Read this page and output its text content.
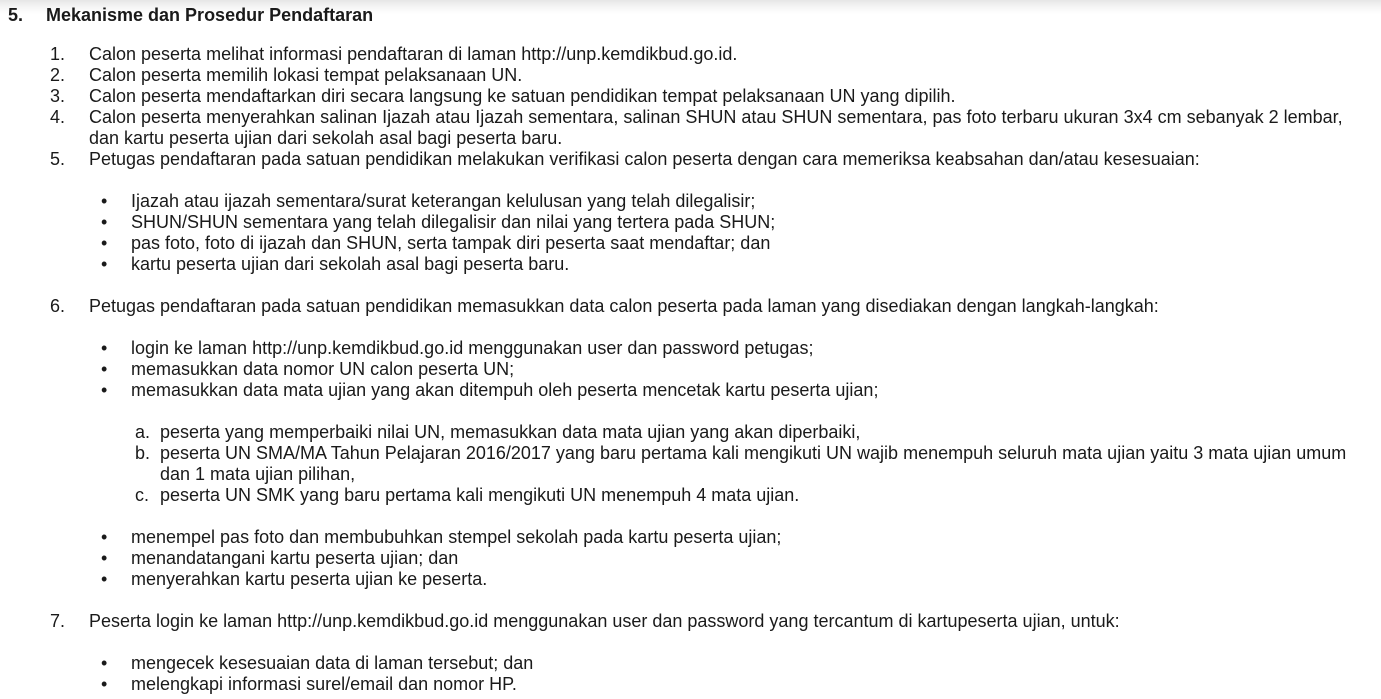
5.	Mekanisme dan Prosedur Pendaftaran
1.	Calon peserta melihat informasi pendaftaran di laman http://unp.kemdikbud.go.id.
2.	Calon peserta memilih lokasi tempat pelaksanaan UN.
3.	Calon peserta mendaftarkan diri secara langsung ke satuan pendidikan tempat pelaksanaan UN yang dipilih.
4.	Calon peserta menyerahkan salinan Ijazah atau Ijazah sementara, salinan SHUN atau SHUN sementara, pas foto terbaru ukuran 3x4 cm sebanyak 2 lembar, dan kartu peserta ujian dari sekolah asal bagi peserta baru.
5.	Petugas pendaftaran pada satuan pendidikan melakukan verifikasi calon peserta dengan cara memeriksa keabsahan dan/atau kesesuaian:
•	Ijazah atau ijazah sementara/surat keterangan kelulusan yang telah dilegalisir;
•	SHUN/SHUN sementara yang telah dilegalisir dan nilai yang tertera pada SHUN;
•	pas foto, foto di ijazah dan SHUN, serta tampak diri peserta saat mendaftar; dan
•	kartu peserta ujian dari sekolah asal bagi peserta baru.
6.	Petugas pendaftaran pada satuan pendidikan memasukkan data calon peserta pada laman yang disediakan dengan langkah-langkah:
•	login ke laman http://unp.kemdikbud.go.id menggunakan user dan password petugas;
•	memasukkan data nomor UN calon peserta UN;
•	memasukkan data mata ujian yang akan ditempuh oleh peserta mencetak kartu peserta ujian;
a. peserta yang memperbaiki nilai UN, memasukkan data mata ujian yang akan diperbaiki,
b. peserta UN SMA/MA Tahun Pelajaran 2016/2017 yang baru pertama kali mengikuti UN wajib menempuh seluruh mata ujian yaitu 3 mata ujian umum dan 1 mata ujian pilihan,
c. peserta UN SMK yang baru pertama kali mengikuti UN menempuh 4 mata ujian.
•	menempel pas foto dan membubuhkan stempel sekolah pada kartu peserta ujian;
•	menandatangani kartu peserta ujian; dan
•	menyerahkan kartu peserta ujian ke peserta.
7.	Peserta login ke laman http://unp.kemdikbud.go.id menggunakan user dan password yang tercantum di kartupeserta ujian, untuk:
•	mengecek kesesuaian data di laman tersebut; dan
•	melengkapi informasi surel/email dan nomor HP.
